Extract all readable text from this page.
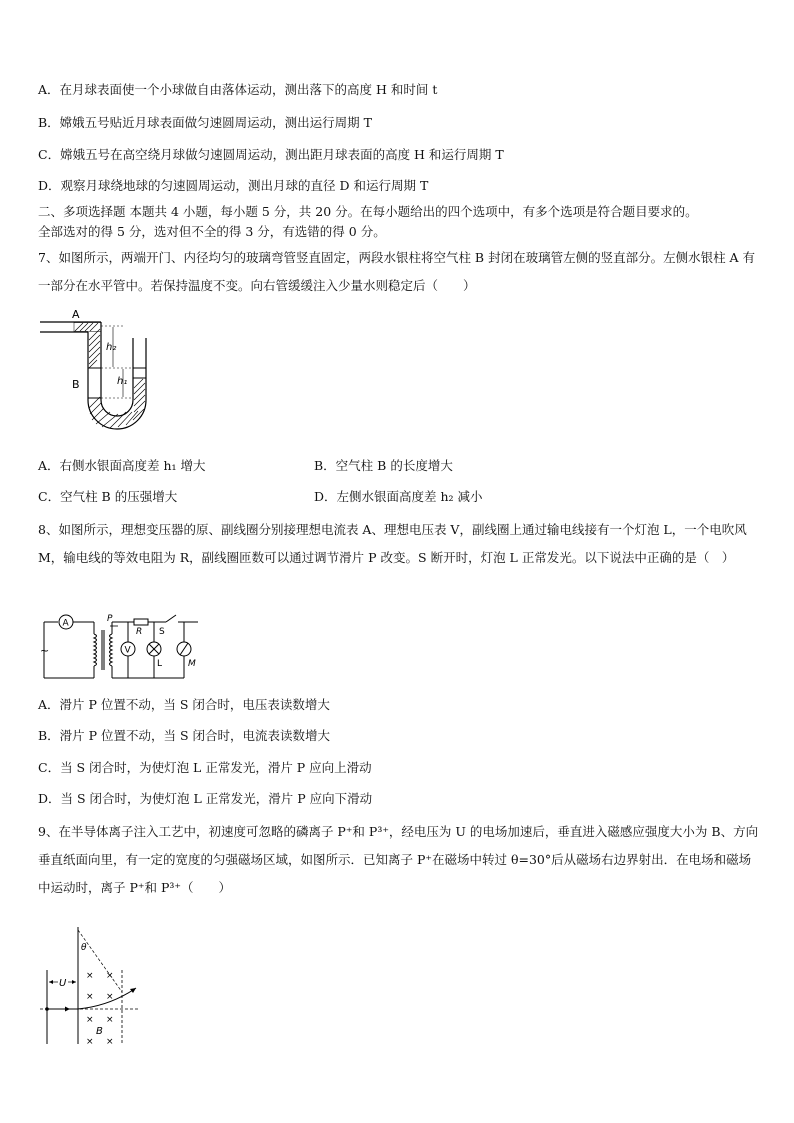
A．在月球表面使一个小球做自由落体运动，测出落下的高度 H 和时间 t
B．嫦娥五号贴近月球表面做匀速圆周运动，测出运行周期 T
C．嫦娥五号在高空绕月球做匀速圆周运动，测出距月球表面的高度 H 和运行周期 T
D．观察月球绕地球的匀速圆周运动，测出月球的直径 D 和运行周期 T
二、多项选择题 本题共 4 小题，每小题 5 分，共 20 分。在每小题给出的四个选项中，有多个选项是符合题目要求的。
全部选对的得 5 分，选对但不全的得 3 分，有选错的得 0 分。
7、如图所示，两端开门、内径均匀的玻璃弯管竖直固定，两段水银柱将空气柱 B 封闭在玻璃管左侧的竖直部分。左侧水银柱 A 有一部分在水平管中。若保持温度不变。向右管缓缓注入少量水则稳定后（　　）
h₂
h₁
A
B
A．右侧水银面高度差 h₁ 增大	B．空气柱 B 的长度增大
C．空气柱 B 的压强增大	D．左侧水银面高度差 h₂ 减小
8、如图所示，理想变压器的原、副线圈分别接理想电流表 A、理想电压表 V，副线圈上通过输电线接有一个灯泡 L，一个电吹风 M，输电线的等效电阻为 R，副线圈匝数可以通过调节滑片 P 改变。S 断开时，灯泡 L 正常发光。以下说法中正确的是（　）
A
~
P
R S
V
L	M
A．滑片 P 位置不动，当 S 闭合时，电压表读数增大
B．滑片 P 位置不动，当 S 闭合时，电流表读数增大
C．当 S 闭合时，为使灯泡 L 正常发光，滑片 P 应向上滑动
D．当 S 闭合时，为使灯泡 L 正常发光，滑片 P 应向下滑动
9、在半导体离子注入工艺中，初速度可忽略的磷离子 P⁺和 P³⁺，经电压为 U 的电场加速后，垂直进入磁感应强度大小为 B、方向垂直纸面向里，有一定的宽度的匀强磁场区域，如图所示．已知离子 P⁺在磁场中转过 θ=30°后从磁场右边界射出．在电场和磁场中运动时，离子 P⁺和 P³⁺（　　）
U
θ
× ×
× ×
× ×
× ×
B
